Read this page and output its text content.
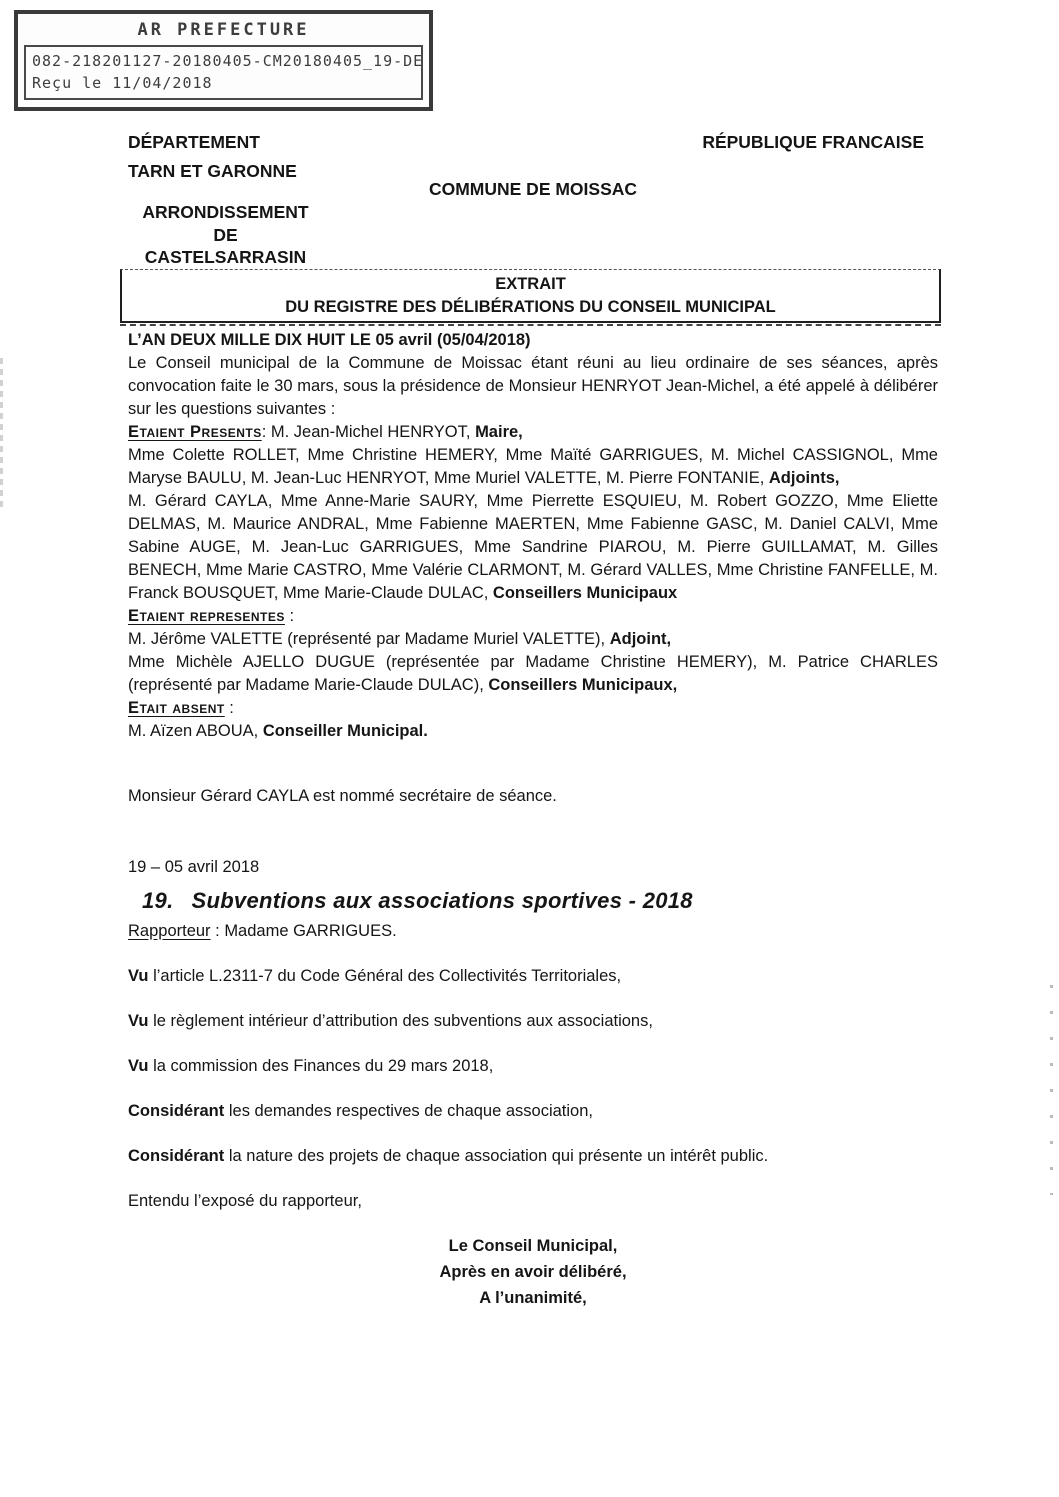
AR PREFECTURE
082-218201127-20180405-CM20180405_19-DE
Reçu le 11/04/2018
DÉPARTEMENT
TARN ET GARONNE
RÉPUBLIQUE FRANCAISE
COMMUNE DE MOISSAC
ARRONDISSEMENT
DE
CASTELSARRASIN
EXTRAIT
DU REGISTRE DES DÉLIBÉRATIONS DU CONSEIL MUNICIPAL
L’AN DEUX MILLE DIX HUIT LE 05 avril (05/04/2018)

Le Conseil municipal de la Commune de Moissac étant réuni au lieu ordinaire de ses séances, après convocation faite le 30 mars, sous la présidence de Monsieur HENRYOT Jean-Michel, a été appelé à délibérer sur les questions suivantes :

Etaient Presents: M. Jean-Michel HENRYOT, Maire,

Mme Colette ROLLET, Mme Christine HEMERY, Mme Maïté GARRIGUES, M. Michel CASSIGNOL, Mme Maryse BAULU, M. Jean-Luc HENRYOT, Mme Muriel VALETTE, M. Pierre FONTANIE, Adjoints,

M. Gérard CAYLA, Mme Anne-Marie SAURY, Mme Pierrette ESQUIEU, M. Robert GOZZO, Mme Eliette DELMAS, M. Maurice ANDRAL, Mme Fabienne MAERTEN, Mme Fabienne GASC, M. Daniel CALVI, Mme Sabine AUGE, M. Jean-Luc GARRIGUES, Mme Sandrine PIAROU, M. Pierre GUILLAMAT, M. Gilles BENECH, Mme Marie CASTRO, Mme Valérie CLARMONT, M. Gérard VALLES, Mme Christine FANFELLE, M. Franck BOUSQUET, Mme Marie-Claude DULAC, Conseillers Municipaux

Etaient representes :

M. Jérôme VALETTE (représenté par Madame Muriel VALETTE), Adjoint,

Mme Michèle AJELLO DUGUE (représentée par Madame Christine HEMERY), M. Patrice CHARLES (représenté par Madame Marie-Claude DULAC), Conseillers Municipaux,

Etait absent :

M. Aïzen ABOUA, Conseiller Municipal.

Monsieur Gérard CAYLA est nommé secrétaire de séance.

19 – 05 avril 2018

19. Subventions aux associations sportives - 2018

Rapporteur : Madame GARRIGUES.

Vu l’article L.2311-7 du Code Général des Collectivités Territoriales,

Vu le règlement intérieur d’attribution des subventions aux associations,

Vu la commission des Finances du 29 mars 2018,

Considérant les demandes respectives de chaque association,

Considérant la nature des projets de chaque association qui présente un intérêt public.

Entendu l’exposé du rapporteur,

Le Conseil Municipal,
Après en avoir délibéré,
A l’unanimité,
